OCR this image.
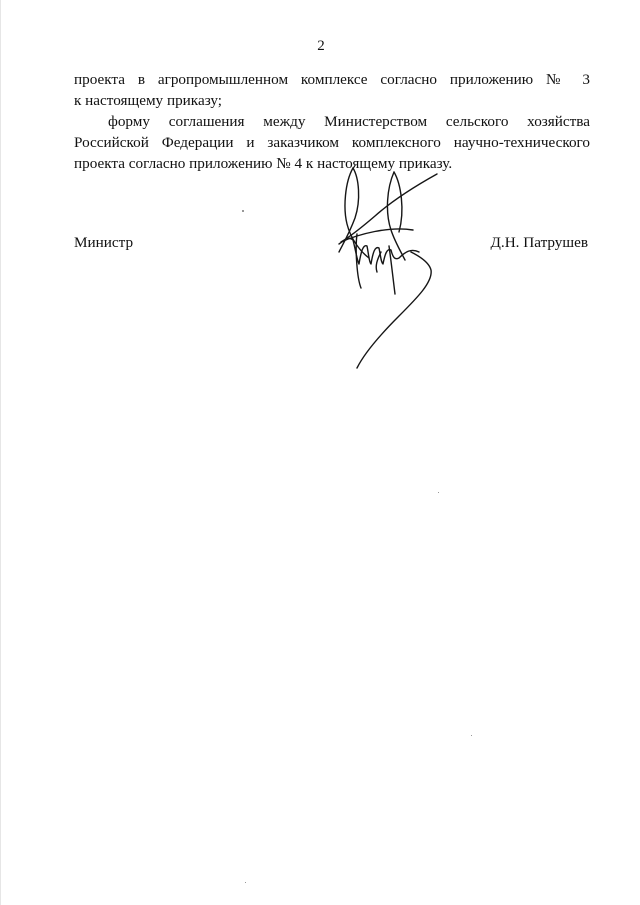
2
проекта в агропромышленном комплексе согласно приложению № 3
к настоящему приказу;
форму соглашения между Министерством сельского хозяйства
Российской Федерации и заказчиком комплексного научно-технического
проекта согласно приложению № 4 к настоящему приказу.
Министр	Д.Н. Патрушев
